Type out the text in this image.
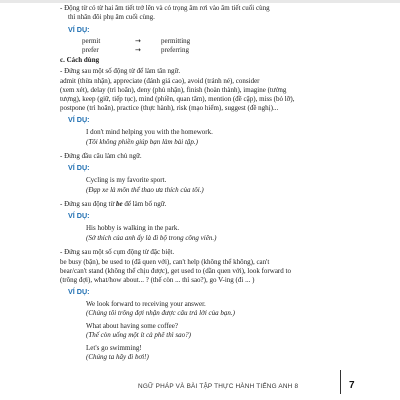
- Động từ có từ hai âm tiết trở lên và có trọng âm rơi vào âm tiết cuối cùng
thì nhân đôi phụ âm cuối cùng.
VÍ DỤ:
permit	→	permitting
prefer	→	preferring
c. Cách dùng
- Đứng sau một số động từ để làm tân ngữ.
admit (thừa nhận), appreciate (đánh giá cao), avoid (tránh né), consider
(xem xét), delay (trì hoãn), deny (phủ nhận), finish (hoàn thành), imagine (tưởng
tượng), keep (giữ, tiếp tục), mind (phiền, quan tâm), mention (đề cập), miss (bỏ lỡ),
postpone (trì hoãn), practice (thực hành), risk (mạo hiểm), suggest (đề nghị)...
VÍ DỤ:
I don't mind helping you with the homework.
(Tôi không phiền giúp bạn làm bài tập.)
- Đứng đầu câu làm chủ ngữ.
VÍ DỤ:
Cycling is my favorite sport.
(Đạp xe là môn thể thao ưa thích của tôi.)
- Đứng sau động từ be để làm bổ ngữ.
VÍ DỤ:
His hobby is walking in the park.
(Sở thích của anh ấy là đi bộ trong công viên.)
- Đứng sau một số cụm động từ đặc biệt.
be busy (bận), be used to (đã quen với), can't help (không thể không), can't
bear/can't stand (không thể chịu được), get used to (dần quen với), look forward to
(trông đợi), what/how about... ? (thế còn ... thì sao?), go V-ing (đi ... )
VÍ DỤ:
We look forward to receiving your answer.
(Chúng tôi trông đợi nhận được câu trả lời của bạn.)
What about having some coffee?
(Thế còn uống một ít cà phê thì sao?)
Let's go swimming!
(Chúng ta hãy đi bơi!)
NGỮ PHÁP VÀ BÀI TẬP THỰC HÀNH TIẾNG ANH 8	7
